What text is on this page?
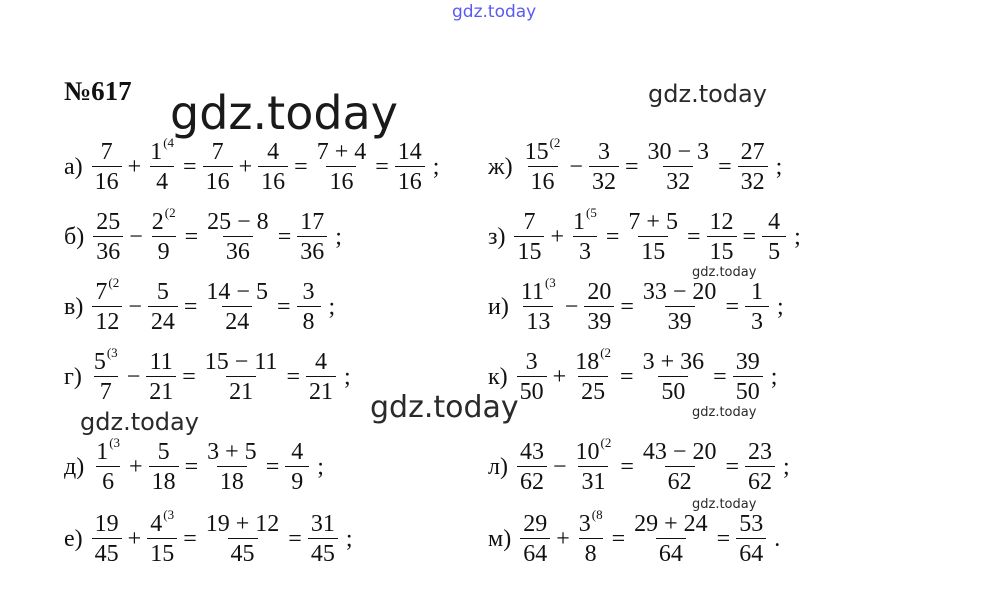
gdz.today
gdz.today	gdz.today
gdz.today
gdz.today
gdz.today
gdz.today
gdz.today
№617
$а) \frac{7}{16} + \frac{1^{(4}}{4} = \frac{7}{16} + \frac{4}{16} = \frac{7 + 4}{16} = \frac{14}{16}$ ;
$б) \frac{25}{36} - \frac{2^{(2}}{9} = \frac{25 - 8}{36} = \frac{17}{36}$ ;
$в) \frac{7^{(2}}{12} - \frac{5}{24} = \frac{14 - 5}{24} = \frac{3}{8}$ ;
$г) \frac{5^{(3}}{7} - \frac{11}{21} = \frac{15 - 11}{21} = \frac{4}{21}$ ;
$д) \frac{1^{(3}}{6} + \frac{5}{18} = \frac{3 + 5}{18} = \frac{4}{9}$ ;
$е) \frac{19}{45} + \frac{4^{(3}}{15} = \frac{19 + 12}{45} = \frac{31}{45}$ ;
$ж) \frac{15^{(2}}{16} - \frac{3}{32} = \frac{30 - 3}{32} = \frac{27}{32}$ ;
$з) \frac{7}{15} + \frac{1^{(5}}{3} = \frac{7 + 5}{15} = \frac{12}{15} = \frac{4}{5}$ ;
$и) \frac{11^{(3}}{13} - \frac{20}{39} = \frac{33 - 20}{39} = \frac{1}{3}$ ;
$к) \frac{3}{50} + \frac{18^{(2}}{25} = \frac{3 + 36}{50} = \frac{39}{50}$ ;
$л) \frac{43}{62} - \frac{10^{(2}}{31} = \frac{43 - 20}{62} = \frac{23}{62}$ ;
$м) \frac{29}{64} + \frac{3^{(8}}{8} = \frac{29 + 24}{64} = \frac{53}{64}$ .
